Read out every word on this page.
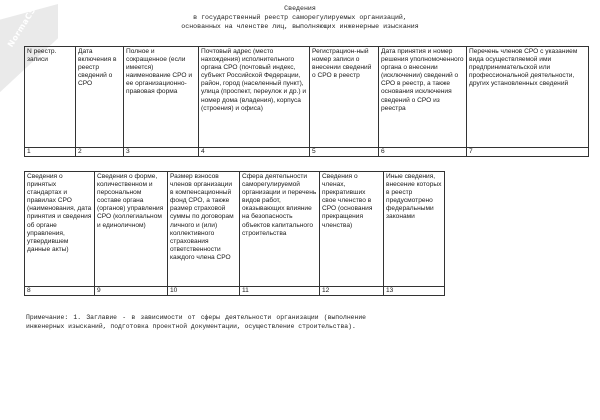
NormaCS	Сведения
в государственный реестр саморегулируемых организаций,
основанных на членстве лиц, выполняющих инженерные изыскания
N реестр. записи	Дата включения в реестр сведений о СРО	Полное и сокращенное (если имеется) наименование СРО и ее организационно-правовая форма	Почтовый адрес (место нахождения) исполнительного органа СРО (почтовый индекс, субъект Российской Федерации, район, город (населенный пункт), улица (проспект, переулок и др.) и номер дома (владения), корпуса (строения) и офиса)	Регистрацион-ный номер записи о внесении сведений о СРО в реестр	Дата принятия и номер решения уполномоченного органа о внесении (исключении) сведений о СРО в реестр, а также основания исключения сведений о СРО из реестра	Перечень членов СРО с указанием вида осуществляемой ими предпринимательской или профессиональной деятельности, других установленных сведений
1	2	3	4	5	6	7
Сведения о принятых стандартах и правилах СРО (наименования, дата принятия и сведения об органе управления, утвердившем данные акты)	Сведения о форме, количественном и персональном составе органа (органов) управления СРО (коллегиальном и единоличном)	Размер взносов членов организации в компенсационный фонд СРО, а также размер страховой суммы по договорам личного и (или) коллективного страхования ответственности каждого члена СРО	Сфера деятельности саморегулируемой организации и перечень видов работ, оказывающих влияние на безопасность объектов капитального строительства	Сведения о членах, прекративших свое членство в СРО (основания прекращения членства)	Иные сведения, внесение которых в реестр предусмотрено федеральными законами
8	9	10	11	12	13
Примечание: 1. Заглавие - в зависимости от сферы деятельности организации (выполнение инженерных изысканий, подготовка проектной документации, осуществление строительства).
